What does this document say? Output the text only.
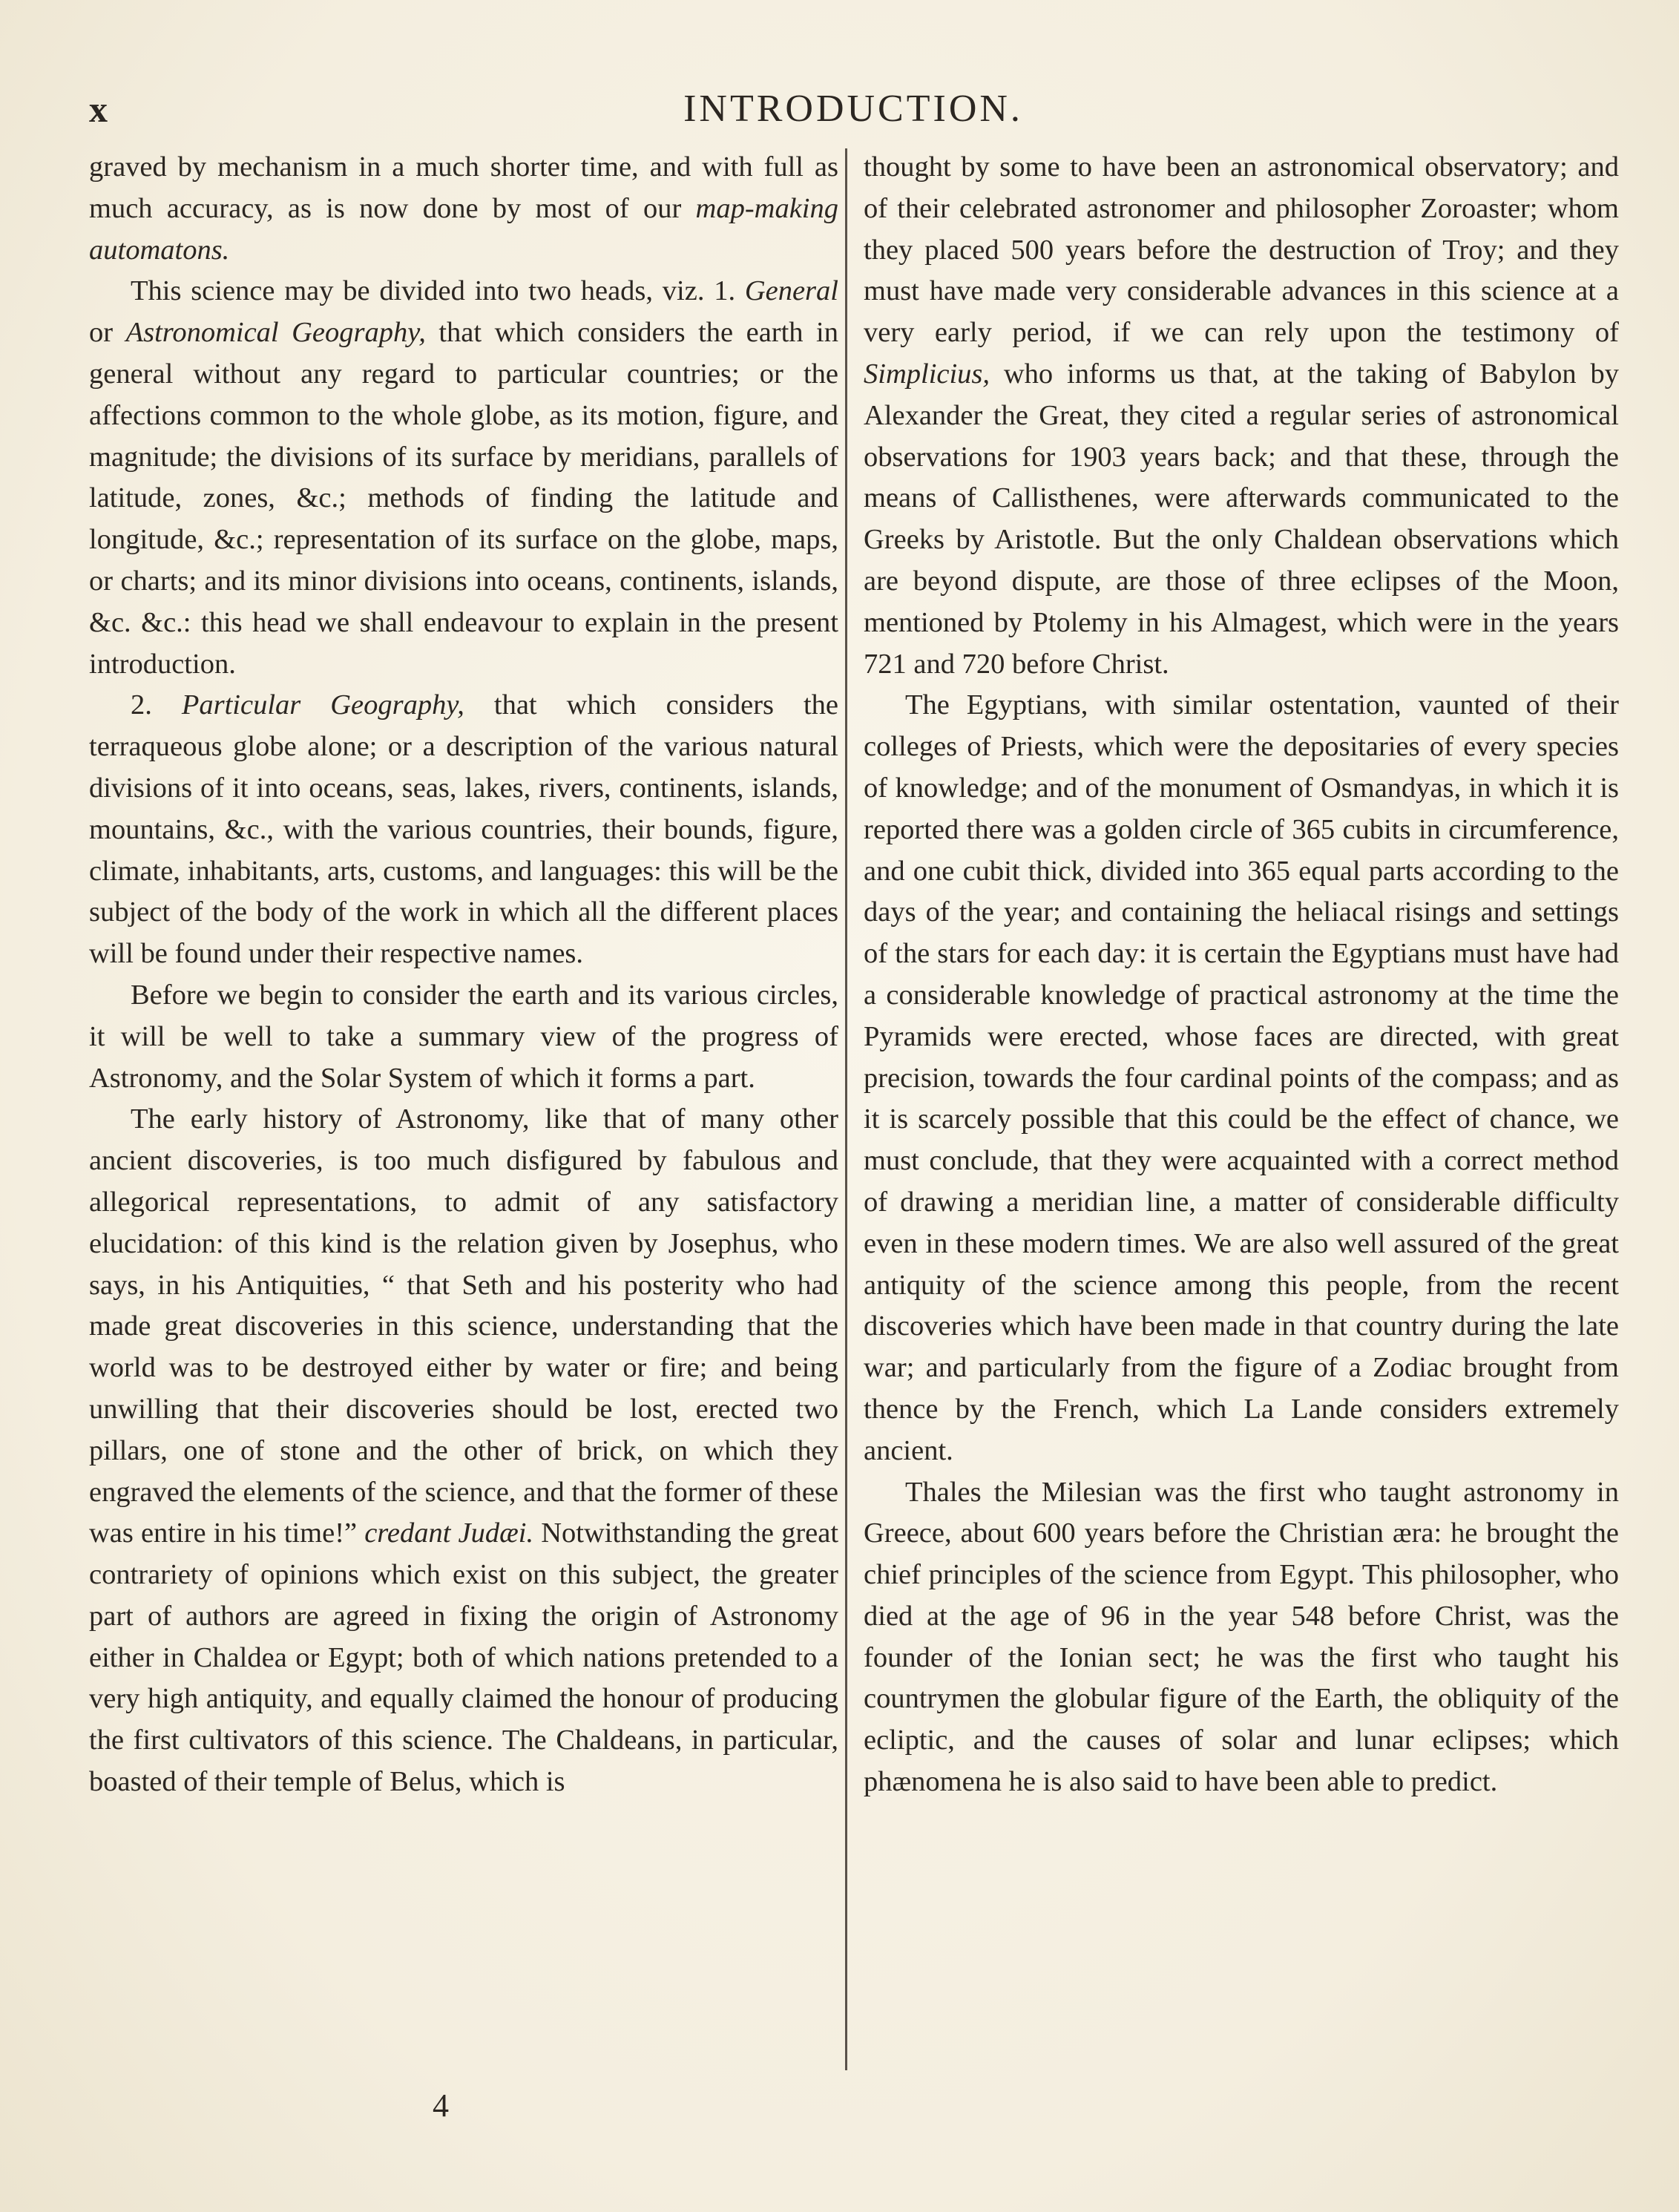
x	INTRODUCTION.

graved by mechanism in a much shorter time, and with full as much accuracy, as is now done by most of our map-making automatons.

This science may be divided into two heads, viz. 1. General or Astronomical Geography, that which considers the earth in general without any regard to particular countries; or the affections common to the whole globe, as its motion, figure, and magnitude; the divisions of its surface by meridians, parallels of latitude, zones, &c.; methods of finding the latitude and longitude, &c.; representation of its surface on the globe, maps, or charts; and its minor divisions into oceans, continents, islands, &c. &c.: this head we shall endeavour to explain in the present introduction.

2. Particular Geography, that which considers the terraqueous globe alone; or a description of the various natural divisions of it into oceans, seas, lakes, rivers, continents, islands, mountains, &c., with the various countries, their bounds, figure, climate, inhabitants, arts, customs, and languages: this will be the subject of the body of the work in which all the different places will be found under their respective names.

Before we begin to consider the earth and its various circles, it will be well to take a summary view of the progress of Astronomy, and the Solar System of which it forms a part.

The early history of Astronomy, like that of many other ancient discoveries, is too much disfigured by fabulous and allegorical representations, to admit of any satisfactory elucidation: of this kind is the relation given by Josephus, who says, in his Antiquities, “ that Seth and his posterity who had made great discoveries in this science, understanding that the world was to be destroyed either by water or fire; and being unwilling that their discoveries should be lost, erected two pillars, one of stone and the other of brick, on which they engraved the elements of the science, and that the former of these was entire in his time!” credant Judæi. Notwithstanding the great contrariety of opinions which exist on this subject, the greater part of authors are agreed in fixing the origin of Astronomy either in Chaldea or Egypt; both of which nations pretended to a very high antiquity, and equally claimed the honour of producing the first cultivators of this science. The Chaldeans, in particular, boasted of their temple of Belus, which is

thought by some to have been an astronomical observatory; and of their celebrated astronomer and philosopher Zoroaster; whom they placed 500 years before the destruction of Troy; and they must have made very considerable advances in this science at a very early period, if we can rely upon the testimony of Simplicius, who informs us that, at the taking of Babylon by Alexander the Great, they cited a regular series of astronomical observations for 1903 years back; and that these, through the means of Callisthenes, were afterwards communicated to the Greeks by Aristotle. But the only Chaldean observations which are beyond dispute, are those of three eclipses of the Moon, mentioned by Ptolemy in his Almagest, which were in the years 721 and 720 before Christ.

The Egyptians, with similar ostentation, vaunted of their colleges of Priests, which were the depositaries of every species of knowledge; and of the monument of Osmandyas, in which it is reported there was a golden circle of 365 cubits in circumference, and one cubit thick, divided into 365 equal parts according to the days of the year; and containing the heliacal risings and settings of the stars for each day: it is certain the Egyptians must have had a considerable knowledge of practical astronomy at the time the Pyramids were erected, whose faces are directed, with great precision, towards the four cardinal points of the compass; and as it is scarcely possible that this could be the effect of chance, we must conclude, that they were acquainted with a correct method of drawing a meridian line, a matter of considerable difficulty even in these modern times. We are also well assured of the great antiquity of the science among this people, from the recent discoveries which have been made in that country during the late war; and particularly from the figure of a Zodiac brought from thence by the French, which La Lande considers extremely ancient.

Thales the Milesian was the first who taught astronomy in Greece, about 600 years before the Christian æra: he brought the chief principles of the science from Egypt. This philosopher, who died at the age of 96 in the year 548 before Christ, was the founder of the Ionian sect; he was the first who taught his countrymen the globular figure of the Earth, the obliquity of the ecliptic, and the causes of solar and lunar eclipses; which phænomena he is also said to have been able to predict.

4
